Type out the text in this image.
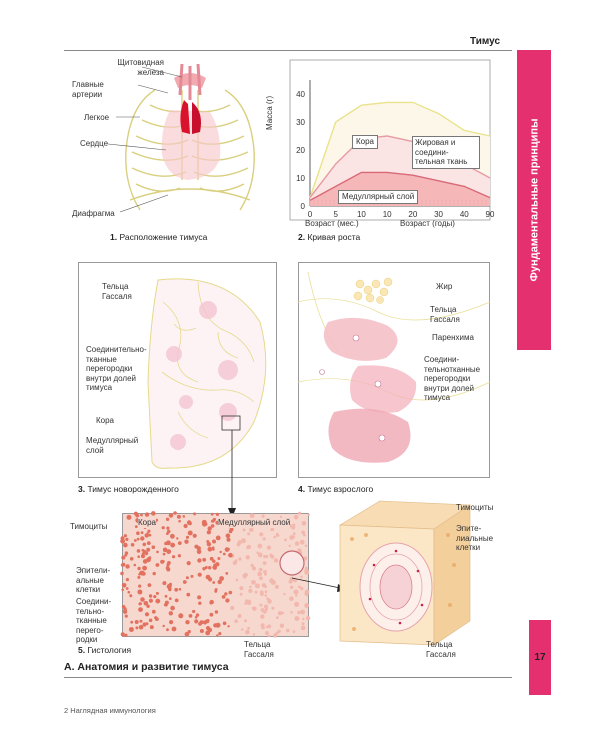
Тимус
Фундаментальные принципы
17
Щитовидная железа
Главные артерии
Легкое
Сердце
Диафрагма
1. Расположение тимуса
0
10
20
30
40
0	5 10 10 20 30 40 90
Масса (г)
Возраст (мес.)	Возраст (годы)
Кора	Жировая и соедини-тельная ткань
Медуллярный слой
2. Кривая роста
Тельца Гассаля
Соединительно-тканные перегородки внутри долей тимуса
Кора
Медуллярный слой
3. Тимус новорожденного
Жир
Тельца Гассаля
Паренхима
Соедини-тельнотканные перегородки внутри долей тимуса
4. Тимус взрослого
Кора	Медуллярный слой
Тимоциты
Эпители-альные клетки
Соедини-тельно-тканные перего-родки
Тельца Гассаля
5. Гистология
Тимоциты
Эпите-лиальные клетки
Тельца Гассаля
А. Анатомия и развитие тимуса
2 Наглядная иммунология
